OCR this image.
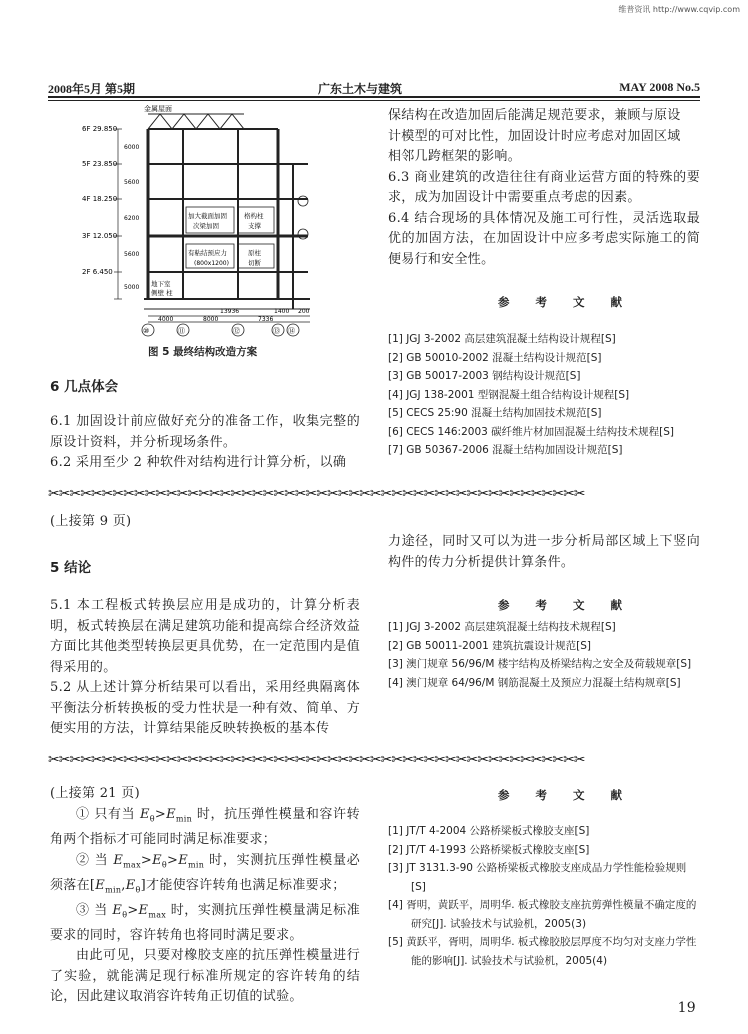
维普资讯 http://www.cqvip.com
2008年5月 第5期	广东土木与建筑	MAY 2008 No.5
金属屋面
6F 29.850
5F 23.850
4F 18.250
3F 12.050
2F 6.450
6000
5600
6200
5600
5000
加大截面加固
次梁加固
格构柱
支撑
有粘结预应力
(800x1200)
原柱
切断
地下室
侧壁 柱
13936	1400 200
4000	8000	7336
⑩	⑪	⑫	⑬ ⑭
图 5 最终结构改造方案
6 几点体会

6.1 加固设计前应做好充分的准备工作，收集完整的原设计资料，并分析现场条件。

6.2 采用至少 2 种软件对结构进行计算分析，以确

保结构在改造加固后能满足规范要求，兼顾与原设

计模型的可对比性，加固设计时应考虑对加固区域

相邻几跨框架的影响。

6.3 商业建筑的改造往往有商业运营方面的特殊的要求，成为加固设计中需要重点考虑的因素。

6.4 结合现场的具体情况及施工可行性，灵活选取最优的加固方法，在加固设计中应多考虑实际施工的简便易行和安全性。

参 考 文 献
[1] JGJ 3-2002 高层建筑混凝土结构设计规程[S]
[2] GB 50010-2002 混凝土结构设计规范[S]
[3] GB 50017-2003 钢结构设计规范[S]
[4] JGJ 138-2001 型钢混凝土组合结构设计规程[S]
[5] CECS 25:90 混凝土结构加固技术规范[S]
[6] CECS 146:2003 碳纤维片材加固混凝土结构技术规程[S]
[7] GB 50367-2006 混凝土结构加固设计规范[S]
✂✂✂✂✂✂✂✂✂✂✂✂✂✂✂✂✂✂✂✂✂✂✂✂✂✂✂✂✂✂✂✂✂✂✂✂✂✂✂✂✂✂✂✂✂✂✂✂✂✂
(上接第 9 页)
5 结论

5.1 本工程板式转换层应用是成功的，计算分析表明，板式转换层在满足建筑功能和提高综合经济效益方面比其他类型转换层更具优势，在一定范围内是值得采用的。

5.2 从上述计算分析结果可以看出，采用经典隔离体平衡法分析转换板的受力性状是一种有效、简单、方便实用的方法，计算结果能反映转换板的基本传

力途径，同时又可以为进一步分析局部区域上下竖向构件的传力分析提供计算条件。

参 考 文 献
[1] JGJ 3-2002 高层建筑混凝土结构技术规程[S]
[2] GB 50011-2001 建筑抗震设计规范[S]
[3] 澳门规章 56/96/M 楼宇结构及桥梁结构之安全及荷载规章[S]
[4] 澳门规章 64/96/M 钢筋混凝土及预应力混凝土结构规章[S]
✂✂✂✂✂✂✂✂✂✂✂✂✂✂✂✂✂✂✂✂✂✂✂✂✂✂✂✂✂✂✂✂✂✂✂✂✂✂✂✂✂✂✂✂✂✂✂✂✂✂
(上接第 21 页)

① 只有当 $E_\theta>E_{min}$ 时，抗压弹性模量和容许转角两个指标才可能同时满足标准要求；

② 当 $E_{max}>E_\theta>E_{min}$ 时，实测抗压弹性模量必须落在$[E_{min},E_\theta]$才能使容许转角也满足标准要求；

③ 当 $E_\theta>E_{max}$ 时，实测抗压弹性模量满足标准要求的同时，容许转角也将同时满足要求。

由此可见，只要对橡胶支座的抗压弹性模量进行了实验，就能满足现行标准所规定的容许转角的结论，因此建议取消容许转角正切值的试验。

参 考 文 献
[1] JT/T 4-2004 公路桥梁板式橡胶支座[S]
[2] JT/T 4-1993 公路桥梁板式橡胶支座[S]
[3] JT 3131.3-90 公路桥梁板式橡胶支座成品力学性能检验规则[S]
[4] 胥明，黄跃平，周明华. 板式橡胶支座抗剪弹性模量不确定度的研究[J]. 试验技术与试验机，2005(3)
[5] 黄跃平，胥明，周明华. 板式橡胶胶层厚度不均匀对支座力学性能的影响[J]. 试验技术与试验机，2005(4)
19
